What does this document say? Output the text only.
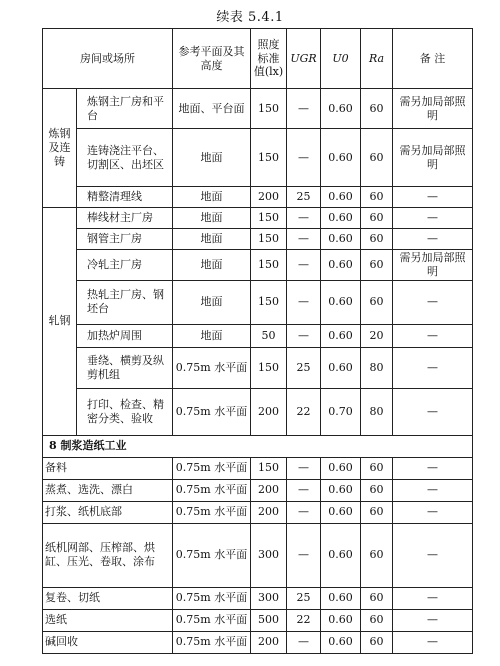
续表 5.4.1
房间或场所		参考平面及其高度	照度标准值(lx)	UGR	U0	Ra	备 注
炼钢及连铸	炼钢主厂房和平台	地面、平台面	150	—	0.60	60	需另加局部照明
	连铸浇注平台、切割区、出坯区	地面	150	—	0.60	60	需另加局部照明
	精整清理线	地面	200	25	0.60	60	—
轧钢	棒线材主厂房	地面	150	—	0.60	60	—
	钢管主厂房	地面	150	—	0.60	60	—
	冷轧主厂房	地面	150	—	0.60	60	需另加局部照明
	热轧主厂房、钢坯台	地面	150	—	0.60	60	—
	加热炉周围	地面	50	—	0.60	20	—
	垂绕、横剪及纵剪机组	0.75m 水平面	150	25	0.60	80	—
	打印、检查、精密分类、验收	0.75m 水平面	200	22	0.70	80	—
8 制浆造纸工业							
备料		0.75m 水平面	150	—	0.60	60	—
蒸煮、选洗、漂白		0.75m 水平面	200	—	0.60	60	—
打浆、纸机底部		0.75m 水平面	200	—	0.60	60	—
纸机网部、压榨部、烘缸、压光、卷取、涂布		0.75m 水平面	300	—	0.60	60	—
复卷、切纸		0.75m 水平面	300	25	0.60	60	—
选纸		0.75m 水平面	500	22	0.60	60	—
碱回收		0.75m 水平面	200	—	0.60	60	—
